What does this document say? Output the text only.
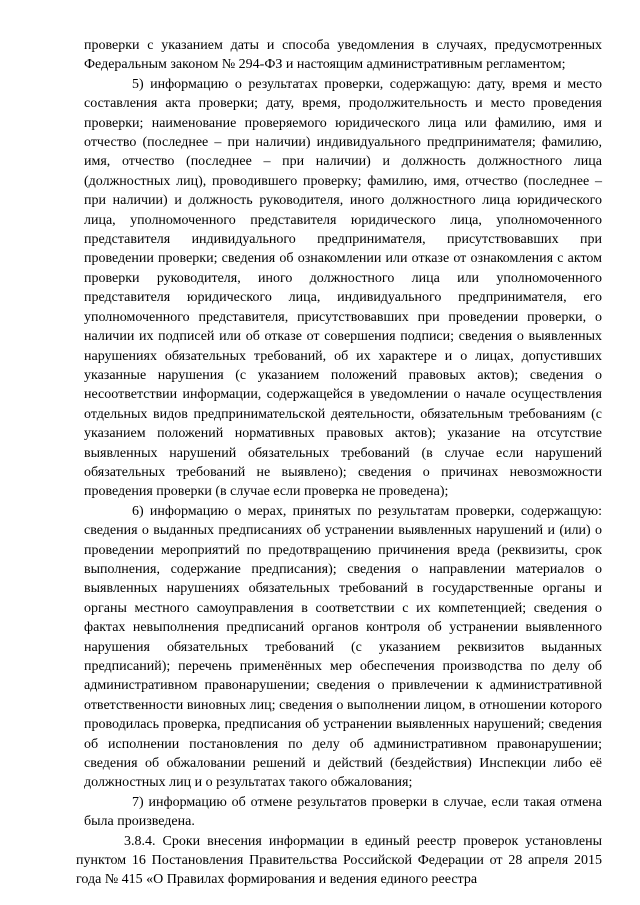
проверки с указанием даты и способа уведомления в случаях, предусмотренных Федеральным законом № 294-ФЗ и настоящим административным регламентом;

5) информацию о результатах проверки, содержащую: дату, время и место составления акта проверки; дату, время, продолжительность и место проведения проверки; наименование проверяемого юридического лица или фамилию, имя и отчество (последнее – при наличии) индивидуального предпринимателя; фамилию, имя, отчество (последнее – при наличии) и должность должностного лица (должностных лиц), проводившего проверку; фамилию, имя, отчество (последнее – при наличии) и должность руководителя, иного должностного лица юридического лица, уполномоченного представителя юридического лица, уполномоченного представителя индивидуального предпринимателя, присутствовавших при проведении проверки; сведения об ознакомлении или отказе от ознакомления с актом проверки руководителя, иного должностного лица или уполномоченного представителя юридического лица, индивидуального предпринимателя, его уполномоченного представителя, присутствовавших при проведении проверки, о наличии их подписей или об отказе от совершения подписи; сведения о выявленных нарушениях обязательных требований, об их характере и о лицах, допустивших указанные нарушения (с указанием положений правовых актов); сведения о несоответствии информации, содержащейся в уведомлении о начале осуществления отдельных видов предпринимательской деятельности, обязательным требованиям (с указанием положений нормативных правовых актов); указание на отсутствие выявленных нарушений обязательных требований (в случае если нарушений обязательных требований не выявлено); сведения о причинах невозможности проведения проверки (в случае если проверка не проведена);

6) информацию о мерах, принятых по результатам проверки, содержащую: сведения о выданных предписаниях об устранении выявленных нарушений и (или) о проведении мероприятий по предотвращению причинения вреда (реквизиты, срок выполнения, содержание предписания); сведения о направлении материалов о выявленных нарушениях обязательных требований в государственные органы и органы местного самоуправления в соответствии с их компетенцией; сведения о фактах невыполнения предписаний органов контроля об устранении выявленного нарушения обязательных требований (с указанием реквизитов выданных предписаний); перечень применённых мер обеспечения производства по делу об административном правонарушении; сведения о привлечении к административной ответственности виновных лиц; сведения о выполнении лицом, в отношении которого проводилась проверка, предписания об устранении выявленных нарушений; сведения об исполнении постановления по делу об административном правонарушении; сведения об обжаловании решений и действий (бездействия) Инспекции либо её должностных лиц и о результатах такого обжалования;

7) информацию об отмене результатов проверки в случае, если такая отмена была произведена.

3.8.4. Сроки внесения информации в единый реестр проверок установлены пунктом 16 Постановления Правительства Российской Федерации от 28 апреля 2015 года № 415 «О Правилах формирования и ведения единого реестра
